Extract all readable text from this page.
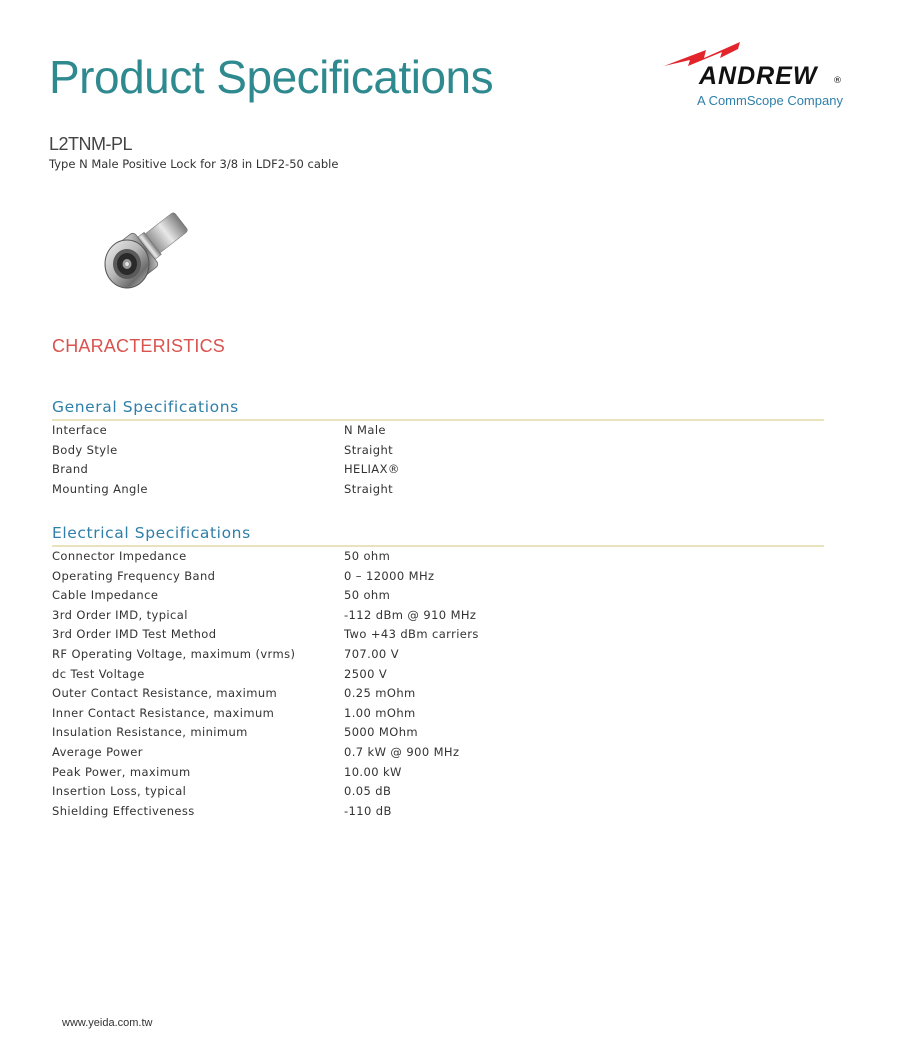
Product Specifications	ANDREW ®
A CommScope Company
L2TNM-PL
Type N Male Positive Lock for 3/8 in LDF2-50 cable
CHARACTERISTICS
General Specifications
Interface	N Male
Body Style	Straight
Brand	HELIAX®
Mounting Angle	Straight
Electrical Specifications
Connector Impedance	50 ohm
Operating Frequency Band	0 – 12000 MHz
Cable Impedance	50 ohm
3rd Order IMD, typical	-112 dBm @ 910 MHz
3rd Order IMD Test Method	Two +43 dBm carriers
RF Operating Voltage, maximum (vrms)	707.00 V
dc Test Voltage	2500 V
Outer Contact Resistance, maximum	0.25 mOhm
Inner Contact Resistance, maximum	1.00 mOhm
Insulation Resistance, minimum	5000 MOhm
Average Power	0.7 kW @ 900 MHz
Peak Power, maximum	10.00 kW
Insertion Loss, typical	0.05 dB
Shielding Effectiveness	-110 dB
www.yeida.com.tw
